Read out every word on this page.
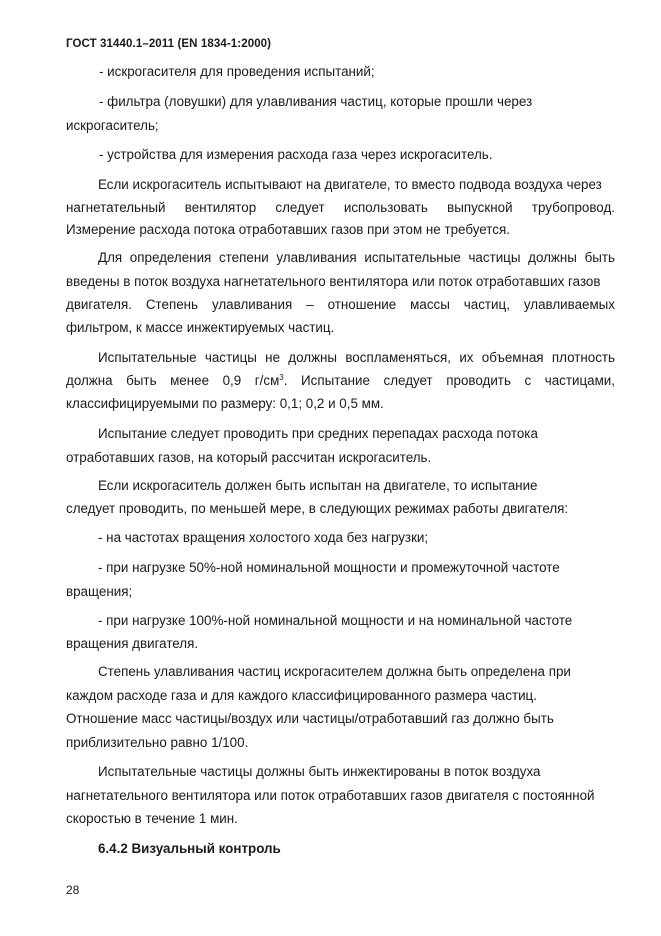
ГОСТ 31440.1–2011 (EN 1834-1:2000)
- искрогасителя для проведения испытаний;
- фильтра (ловушки) для улавливания частиц, которые прошли через
искрогаситель;
- устройства для измерения расхода газа через искрогаситель.
Если искрогаситель испытывают на двигателе, то вместо подвода воздуха через
нагнетательный вентилятор следует использовать выпускной трубопровод.
Измерение расхода потока отработавших газов при этом не требуется.
Для определения степени улавливания испытательные частицы должны быть
введены в поток воздуха нагнетательного вентилятора или поток отработавших газов
двигателя. Степень улавливания – отношение массы частиц, улавливаемых
фильтром, к массе инжектируемых частиц.
Испытательные частицы не должны воспламеняться, их объемная плотность
должна быть менее 0,9 $г/см^3$. Испытание следует проводить с частицами,
классифицируемыми по размеру: 0,1; 0,2 и 0,5 мм.
Испытание следует проводить при средних перепадах расхода потока
отработавших газов, на который рассчитан искрогаситель.
Если искрогаситель должен быть испытан на двигателе, то испытание
следует проводить, по меньшей мере, в следующих режимах работы двигателя:
- на частотах вращения холостого хода без нагрузки;
- при нагрузке 50%-ной номинальной мощности и промежуточной частоте
вращения;
- при нагрузке 100%-ной номинальной мощности и на номинальной частоте
вращения двигателя.
Степень улавливания частиц искрогасителем должна быть определена при
каждом расходе газа и для каждого классифицированного размера частиц.
Отношение масс частицы/воздух или частицы/отработавший газ должно быть
приблизительно равно 1/100.
Испытательные частицы должны быть инжектированы в поток воздуха
нагнетательного вентилятора или поток отработавших газов двигателя с постоянной
скоростью в течение 1 мин.
6.4.2 Визуальный контроль
28
